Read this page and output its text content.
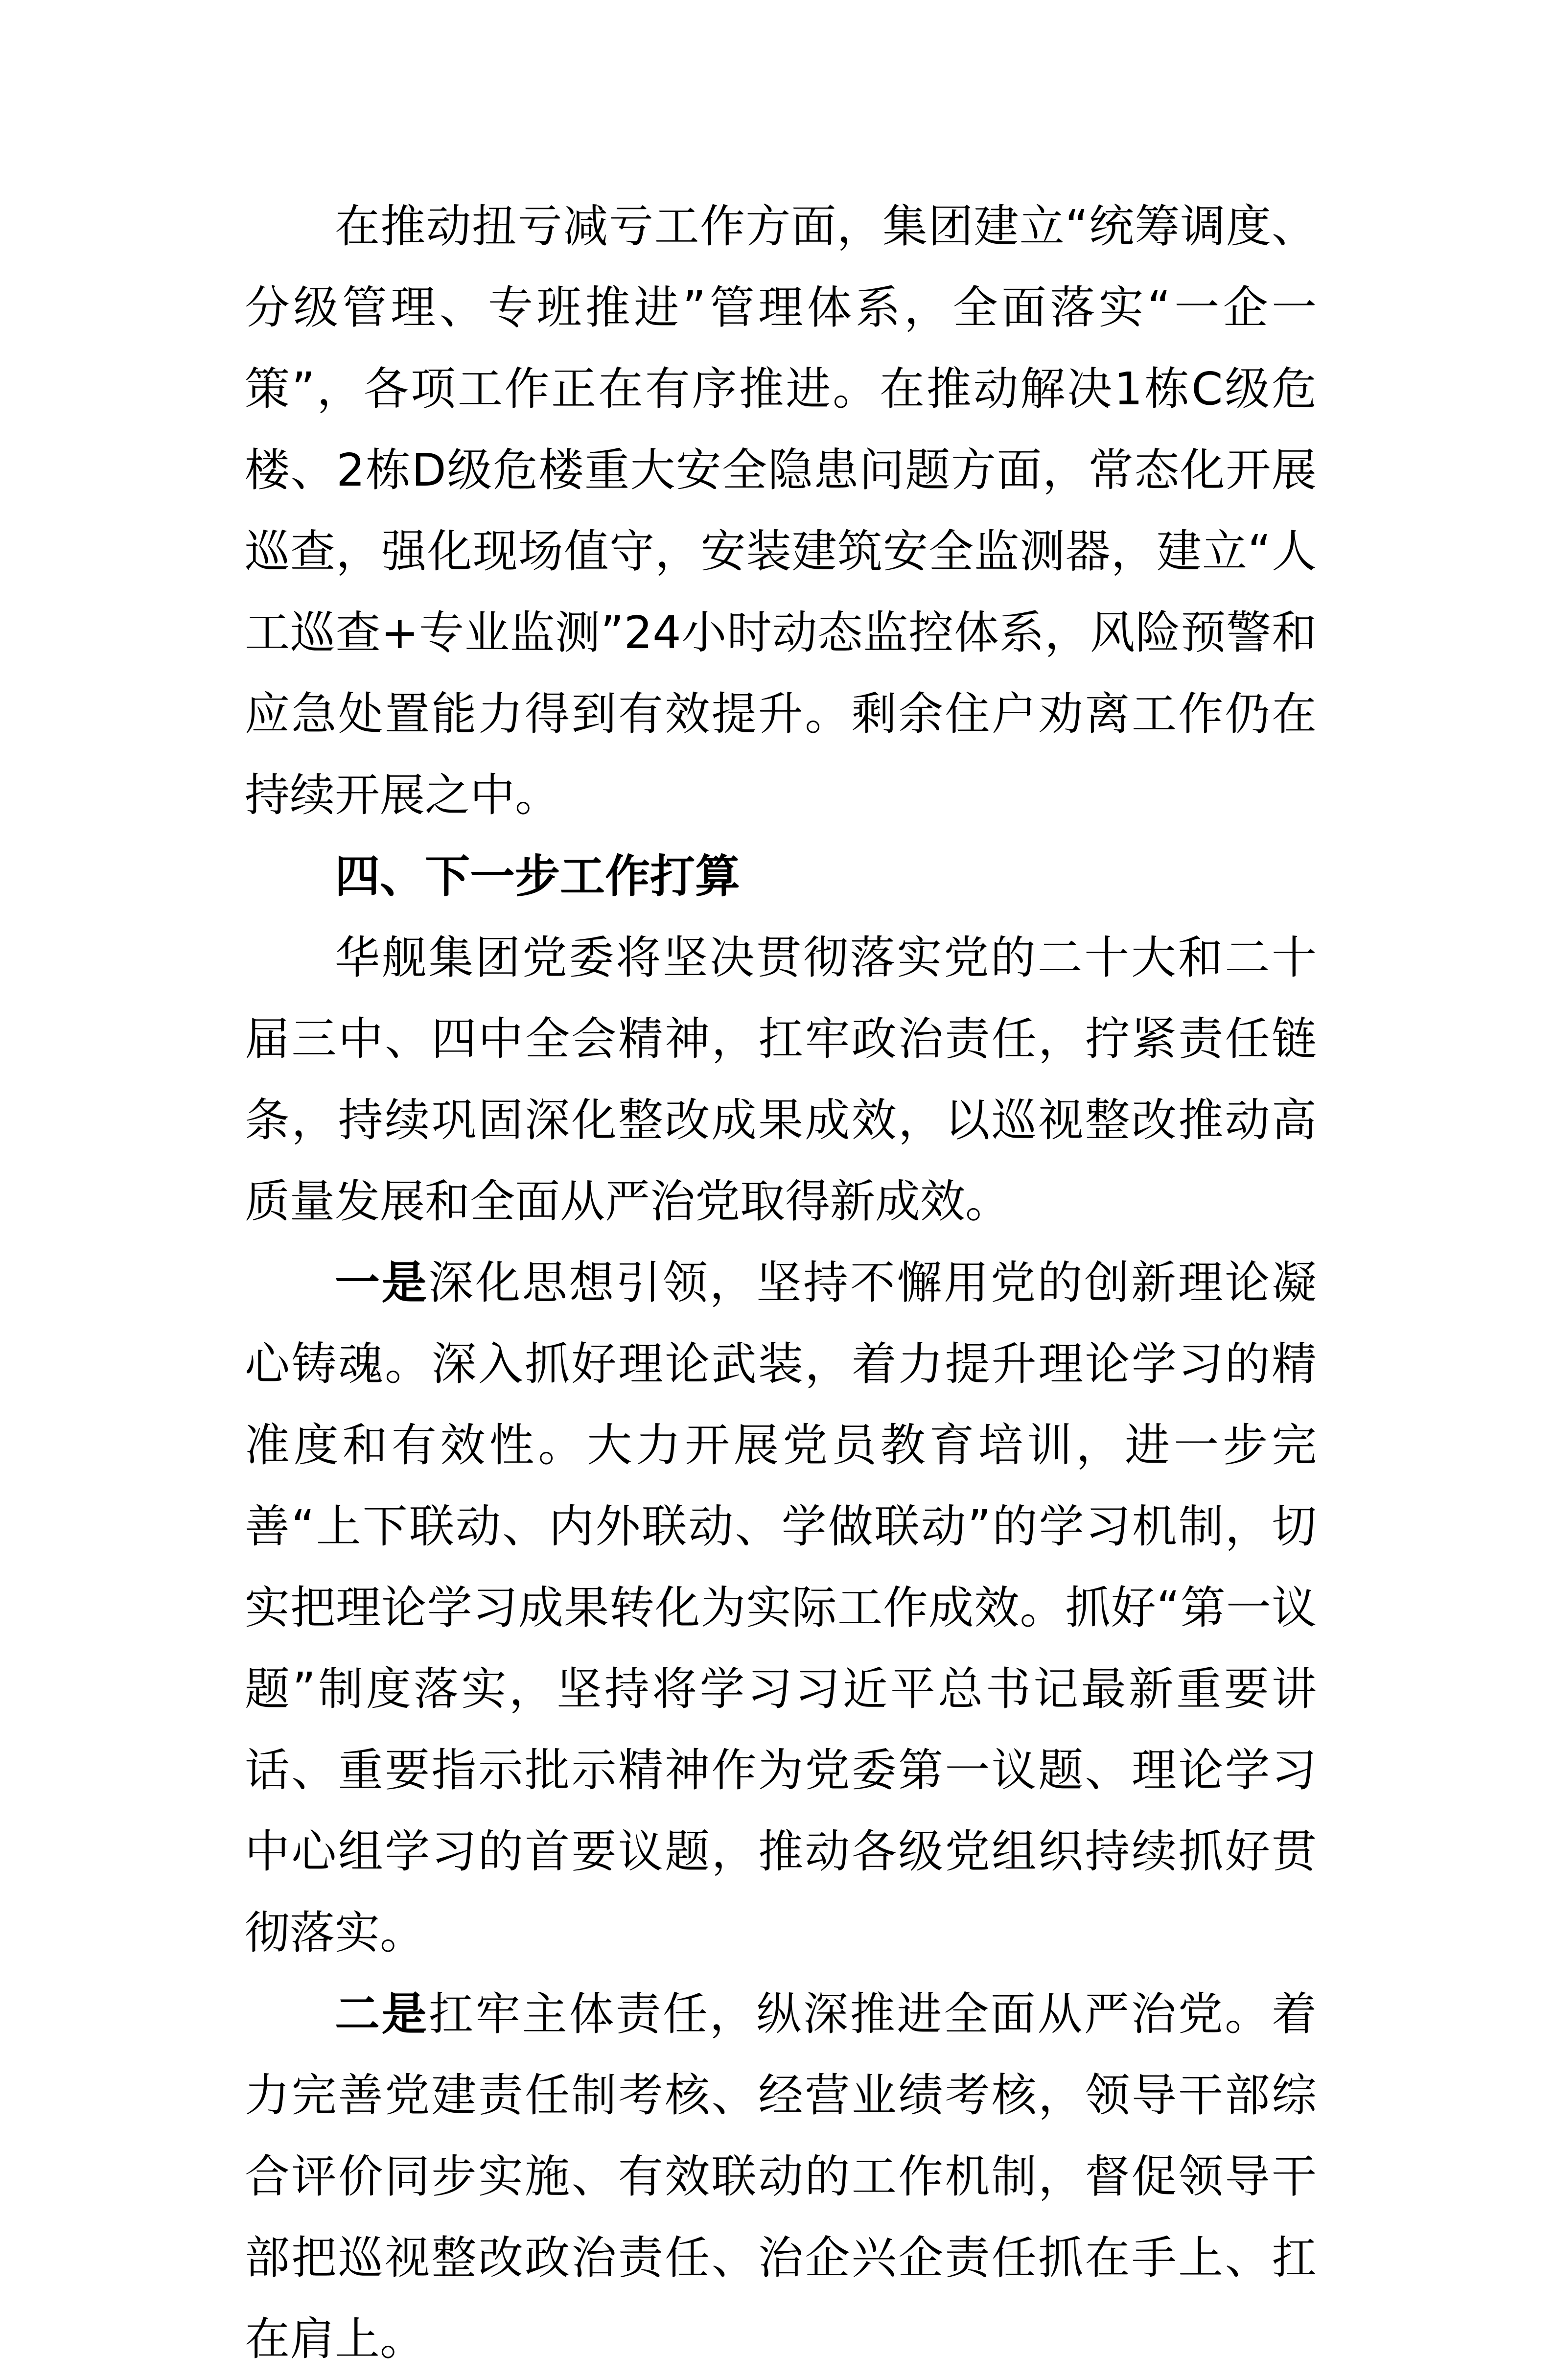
在推动扭亏减亏工作方面，集团建立“统筹调度、分级管理、专班推进”管理体系，全面落实“一企一策”，各项工作正在有序推进。在推动解决1栋C级危楼、2栋D级危楼重大安全隐患问题方面，常态化开展巡查，强化现场值守，安装建筑安全监测器，建立“人工巡查+专业监测”24小时动态监控体系，风险预警和应急处置能力得到有效提升。剩余住户劝离工作仍在持续开展之中。

四、下一步工作打算

华舰集团党委将坚决贯彻落实党的二十大和二十届三中、四中全会精神，扛牢政治责任，拧紧责任链条，持续巩固深化整改成果成效，以巡视整改推动高质量发展和全面从严治党取得新成效。

一是深化思想引领，坚持不懈用党的创新理论凝心铸魂。深入抓好理论武装，着力提升理论学习的精准度和有效性。大力开展党员教育培训，进一步完善“上下联动、内外联动、学做联动”的学习机制，切实把理论学习成果转化为实际工作成效。抓好“第一议题”制度落实，坚持将学习习近平总书记最新重要讲话、重要指示批示精神作为党委第一议题、理论学习中心组学习的首要议题，推动各级党组织持续抓好贯彻落实。

二是扛牢主体责任，纵深推进全面从严治党。着力完善党建责任制考核、经营业绩考核，领导干部综合评价同步实施、有效联动的工作机制，督促领导干部把巡视整改政治责任、治企兴企责任抓在手上、扛在肩上。
